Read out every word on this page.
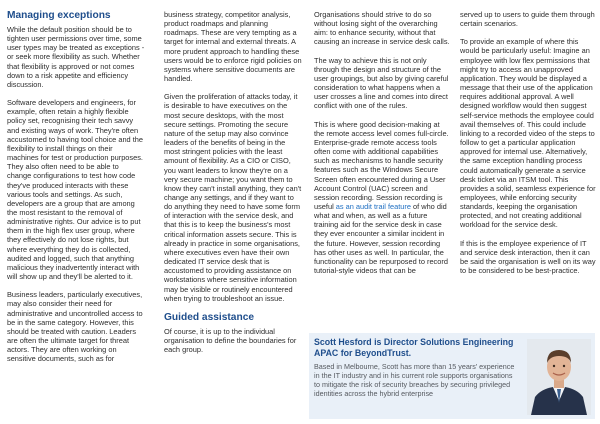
Managing exceptions

While the default position should be to tighten user permissions over time, some user types may be treated as exceptions - or seek more flexibility as such. Whether that flexibility is approved or not comes down to a risk appetite and efficiency discussion.

Software developers and engineers, for example, often retain a highly flexible policy set, recognising their tech savvy and existing ways of work. They're often accustomed to having tool choice and the flexibility to install things on their machines for test or production purposes. They also often need to be able to change configurations to test how code they've produced interacts with these various tools and settings. As such, developers are a group that are among the most resistant to the removal of administrative rights. Our advice is to put them in the high flex user group, where they effectively do not lose rights, but where everything they do is collected, audited and logged, such that anything malicious they inadvertently interact with will show up and they'll be alerted to it.

Business leaders, particularly executives, may also consider their need for administrative and uncontrolled access to be in the same category. However, this should be treated with caution. Leaders are often the ultimate target for threat actors. They are often working on sensitive documents, such as for

business strategy, competitor analysis, product roadmaps and planning roadmaps. These are very tempting as a target for internal and external threats. A more prudent approach to handling these users would be to enforce rigid policies on systems where sensitive documents are handled.

Given the proliferation of attacks today, it is desirable to have executives on the most secure desktops, with the most secure settings. Promoting the secure nature of the setup may also convince leaders of the benefits of being in the most stringent policies with the least amount of flexibility. As a CIO or CISO, you want leaders to know they're on a very secure machine; you want them to know they can't install anything, they can't change any settings, and if they want to do anything they need to have some form of interaction with the service desk, and that this is to keep the business's most critical information assets secure. This is already in practice in some organisations, where executives even have their own dedicated IT service desk that is accustomed to providing assistance on workstations where sensitive information may be visible or routinely encountered when trying to troubleshoot an issue.

Guided assistance

Of course, it is up to the individual organisation to define the boundaries for each group.

Organisations should strive to do so without losing sight of the overarching aim: to enhance security, without that causing an increase in service desk calls.

The way to achieve this is not only through the design and structure of the user groupings, but also by giving careful consideration to what happens when a user crosses a line and comes into direct conflict with one of the rules.

This is where good decision-making at the remote access level comes full-circle. Enterprise-grade remote access tools often come with additional capabilities such as mechanisms to handle security features such as the Windows Secure Screen often encountered during a User Account Control (UAC) screen and session recording. Session recording is useful as an audit trail feature of who did what and when, as well as a future training aid for the service desk in case they ever encounter a similar incident in the future. However, session recording has other uses as well. In particular, the functionality can be repurposed to record tutorial-style videos that can be

served up to users to guide them through certain scenarios.

To provide an example of where this would be particularly useful: Imagine an employee with low flex permissions that might try to access an unapproved application. They would be displayed a message that their use of the application requires additional approval. A well designed workflow would then suggest self-service methods the employee could avail themselves of. This could include linking to a recorded video of the steps to follow to get a particular application approved for internal use. Alternatively, the same exception handling process could automatically generate a service desk ticket via an ITSM tool. This provides a solid, seamless experience for employees, while enforcing security standards, keeping the organisation protected, and not creating additional workload for the service desk.

If this is the employee experience of IT and service desk interaction, then it can be said the organisation is well on its way to be considered to be best-practice.

Scott Hesford is Director Solutions Engineering APAC for BeyondTrust.
Based in Melbourne, Scott has more than 15 years' experience in the IT industry and in his current role supports organisations to mitigate the risk of security breaches by securing privileged identities across the hybrid enterprise
